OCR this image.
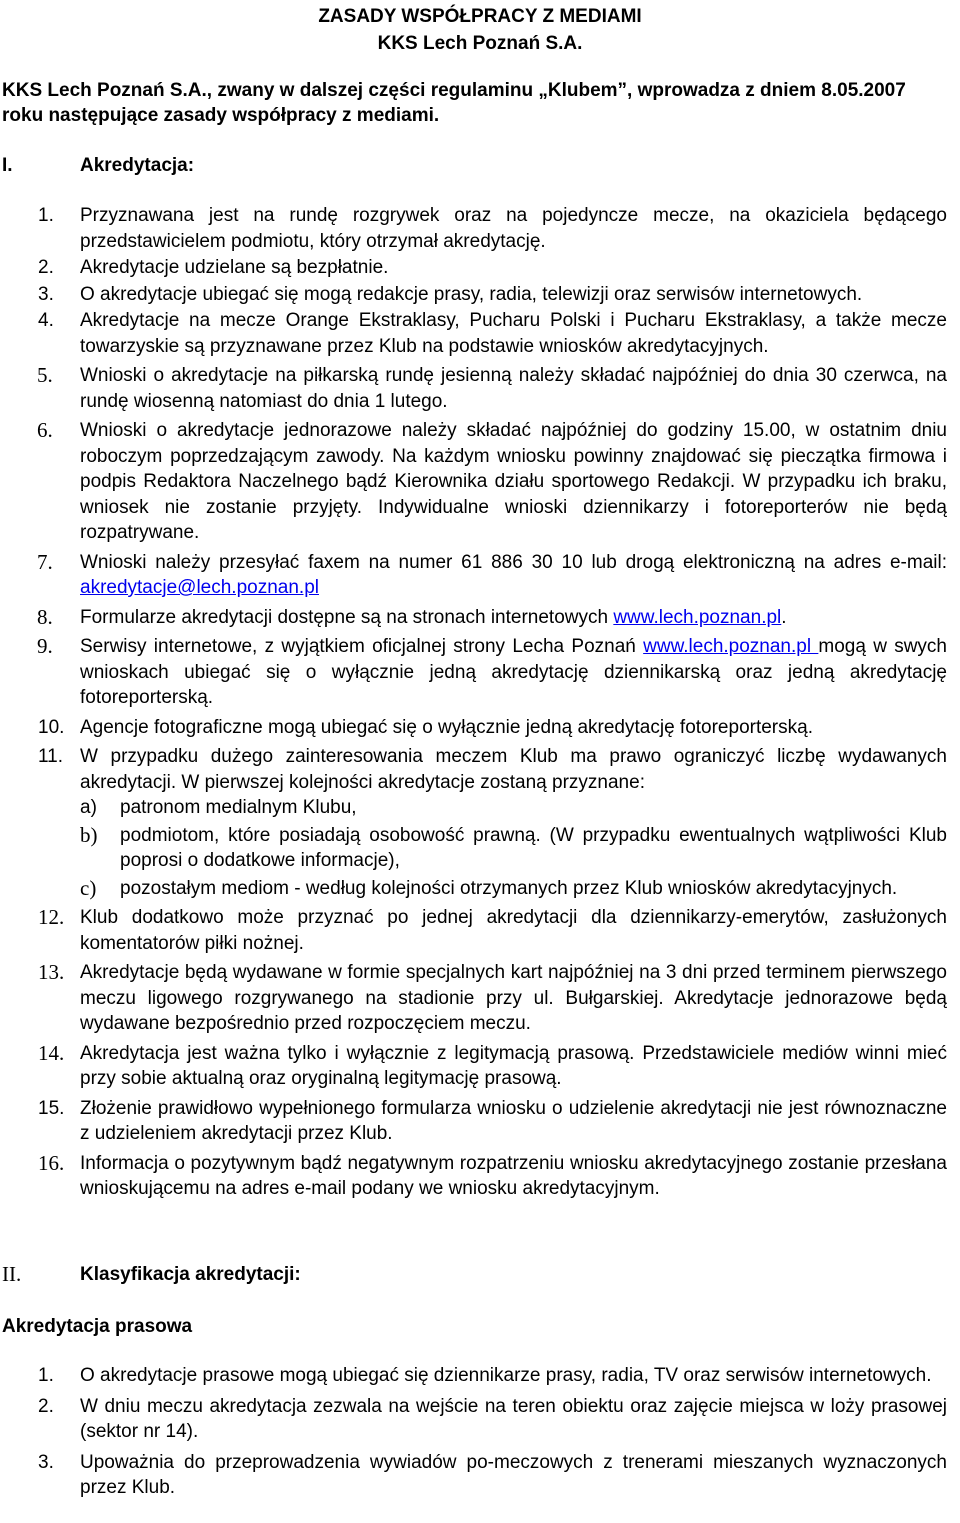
ZASADY WSPÓŁPRACY Z MEDIAMI
KKS Lech Poznań S.A.

KKS Lech Poznań S.A., zwany w dalszej części regulaminu „Klubem”, wprowadza z dniem 8.05.2007 roku następujące zasady współpracy z mediami.

I.	Akredytacja:
1. Przyznawana jest na rundę rozgrywek oraz na pojedyncze mecze, na okaziciela będącego przedstawicielem podmiotu, który otrzymał akredytację.
2. Akredytacje udzielane są bezpłatnie.
3. O akredytacje ubiegać się mogą redakcje prasy, radia, telewizji oraz serwisów internetowych.
4. Akredytacje na mecze Orange Ekstraklasy, Pucharu Polski i Pucharu Ekstraklasy, a także mecze towarzyskie są przyznawane przez Klub na podstawie wniosków akredytacyjnych.
5. Wnioski o akredytacje na piłkarską rundę jesienną należy składać najpóźniej do dnia 30 czerwca, na rundę wiosenną natomiast do dnia 1 lutego.
6. Wnioski o akredytacje jednorazowe należy składać najpóźniej do godziny 15.00, w ostatnim dniu roboczym poprzedzającym zawody. Na każdym wniosku powinny znajdować się pieczątka firmowa i podpis Redaktora Naczelnego bądź Kierownika działu sportowego Redakcji. W przypadku ich braku, wniosek nie zostanie przyjęty. Indywidualne wnioski dziennikarzy i fotoreporterów nie będą rozpatrywane.
7. Wnioski należy przesyłać faxem na numer 61 886 30 10 lub drogą elektroniczną na adres e-mail: akredytacje@lech.poznan.pl
8. Formularze akredytacji dostępne są na stronach internetowych www.lech.poznan.pl.
9. Serwisy internetowe, z wyjątkiem oficjalnej strony Lecha Poznań www.lech.poznan.pl mogą w swych wnioskach ubiegać się o wyłącznie jedną akredytację dziennikarską oraz jedną akredytację fotoreporterską.
10. Agencje fotograficzne mogą ubiegać się o wyłącznie jedną akredytację fotoreporterską.
11. W przypadku dużego zainteresowania meczem Klub ma prawo ograniczyć liczbę wydawanych akredytacji. W pierwszej kolejności akredytacje zostaną przyznane:
a) patronom medialnym Klubu,
b) podmiotom, które posiadają osobowość prawną. (W przypadku ewentualnych wątpliwości Klub poprosi o dodatkowe informacje),
c) pozostałym mediom - według kolejności otrzymanych przez Klub wniosków akredytacyjnych.
12. Klub dodatkowo może przyznać po jednej akredytacji dla dziennikarzy-emerytów, zasłużonych komentatorów piłki nożnej.
13. Akredytacje będą wydawane w formie specjalnych kart najpóźniej na 3 dni przed terminem pierwszego meczu ligowego rozgrywanego na stadionie przy ul. Bułgarskiej. Akredytacje jednorazowe będą wydawane bezpośrednio przed rozpoczęciem meczu.
14. Akredytacja jest ważna tylko i wyłącznie z legitymacją prasową. Przedstawiciele mediów winni mieć przy sobie aktualną oraz oryginalną legitymację prasową.
15. Złożenie prawidłowo wypełnionego formularza wniosku o udzielenie akredytacji nie jest równoznaczne z udzieleniem akredytacji przez Klub.
16. Informacja o pozytywnym bądź negatywnym rozpatrzeniu wniosku akredytacyjnego zostanie przesłana wnioskującemu na adres e-mail podany we wniosku akredytacyjnym.
II.	Klasyfikacja akredytacji:
Akredytacja prasowa
1. O akredytacje prasowe mogą ubiegać się dziennikarze prasy, radia, TV oraz serwisów internetowych.
2. W dniu meczu akredytacja zezwala na wejście na teren obiektu oraz zajęcie miejsca w loży prasowej (sektor nr 14).
3. Upoważnia do przeprowadzenia wywiadów po-meczowych z trenerami mieszanych wyznaczonych przez Klub.
